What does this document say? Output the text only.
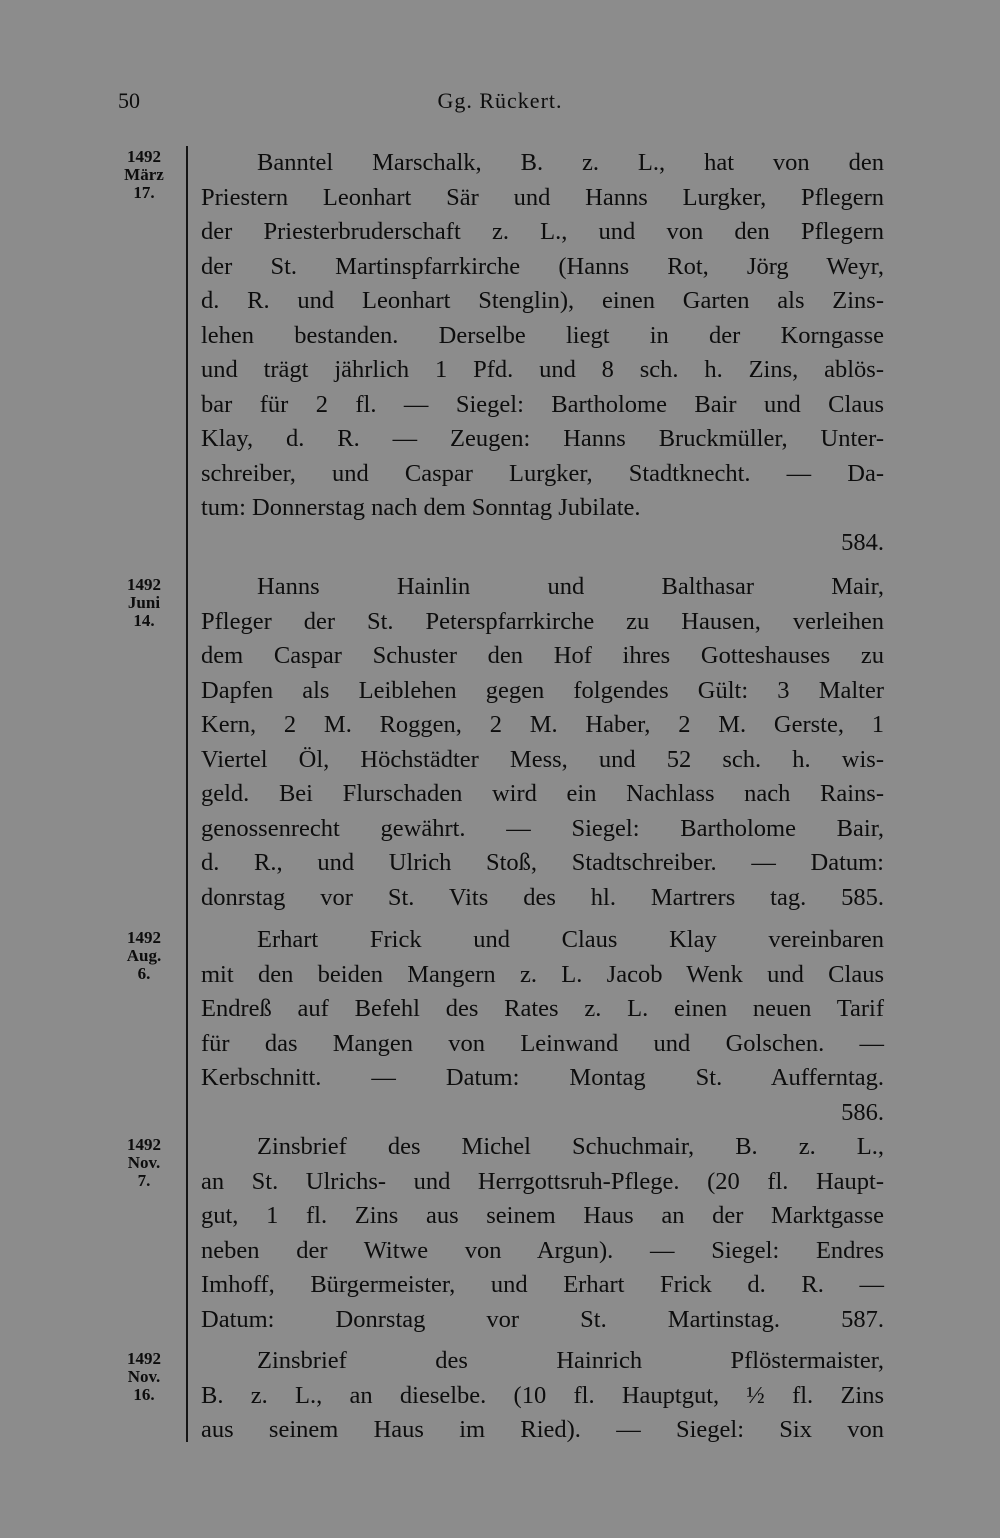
50	Gg. Rückert.
1492
März
17.
Banntel Marschalk, B. z. L., hat von den
Priestern Leonhart Sär und Hanns Lurgker, Pflegern
der Priesterbruderschaft z. L., und von den Pflegern
der St. Martinspfarrkirche (Hanns Rot, Jörg Weyr,
d. R. und Leonhart Stenglin), einen Garten als Zins-
lehen bestanden. Derselbe liegt in der Korngasse
und trägt jährlich 1 Pfd. und 8 sch. h. Zins, ablös-
bar für 2 fl. — Siegel: Bartholome Bair und Claus
Klay, d. R. — Zeugen: Hanns Bruckmüller, Unter-
schreiber, und Caspar Lurgker, Stadtknecht. — Da-
tum: Donnerstag nach dem Sonntag Jubilate.
584.
1492
Juni
14.
Hanns Hainlin und Balthasar Mair,
Pfleger der St. Peterspfarrkirche zu Hausen, verleihen
dem Caspar Schuster den Hof ihres Gotteshauses zu
Dapfen als Leiblehen gegen folgendes Gült: 3 Malter
Kern, 2 M. Roggen, 2 M. Haber, 2 M. Gerste, 1
Viertel Öl, Höchstädter Mess, und 52 sch. h. wis-
geld. Bei Flurschaden wird ein Nachlass nach Rains-
genossenrecht gewährt. — Siegel: Bartholome Bair,
d. R., und Ulrich Stoß, Stadtschreiber. — Datum:
donrstag vor St. Vits des hl. Martrers tag. 585.
1492
Aug.
6.
Erhart Frick und Claus Klay vereinbaren
mit den beiden Mangern z. L. Jacob Wenk und Claus
Endreß auf Befehl des Rates z. L. einen neuen Tarif
für das Mangen von Leinwand und Golschen. —
Kerbschnitt. — Datum: Montag St. Aufferntag.
586.
1492
Nov.
7.
Zinsbrief des Michel Schuchmair, B. z. L.,
an St. Ulrichs- und Herrgottsruh-Pflege. (20 fl. Haupt-
gut, 1 fl. Zins aus seinem Haus an der Marktgasse
neben der Witwe von Argun). — Siegel: Endres
Imhoff, Bürgermeister, und Erhart Frick d. R. —
Datum: Donrstag vor St. Martinstag. 587.
1492
Nov.
16.
Zinsbrief des Hainrich Pflöstermaister,
B. z. L., an dieselbe. (10 fl. Hauptgut, ½ fl. Zins
aus seinem Haus im Ried). — Siegel: Six von
